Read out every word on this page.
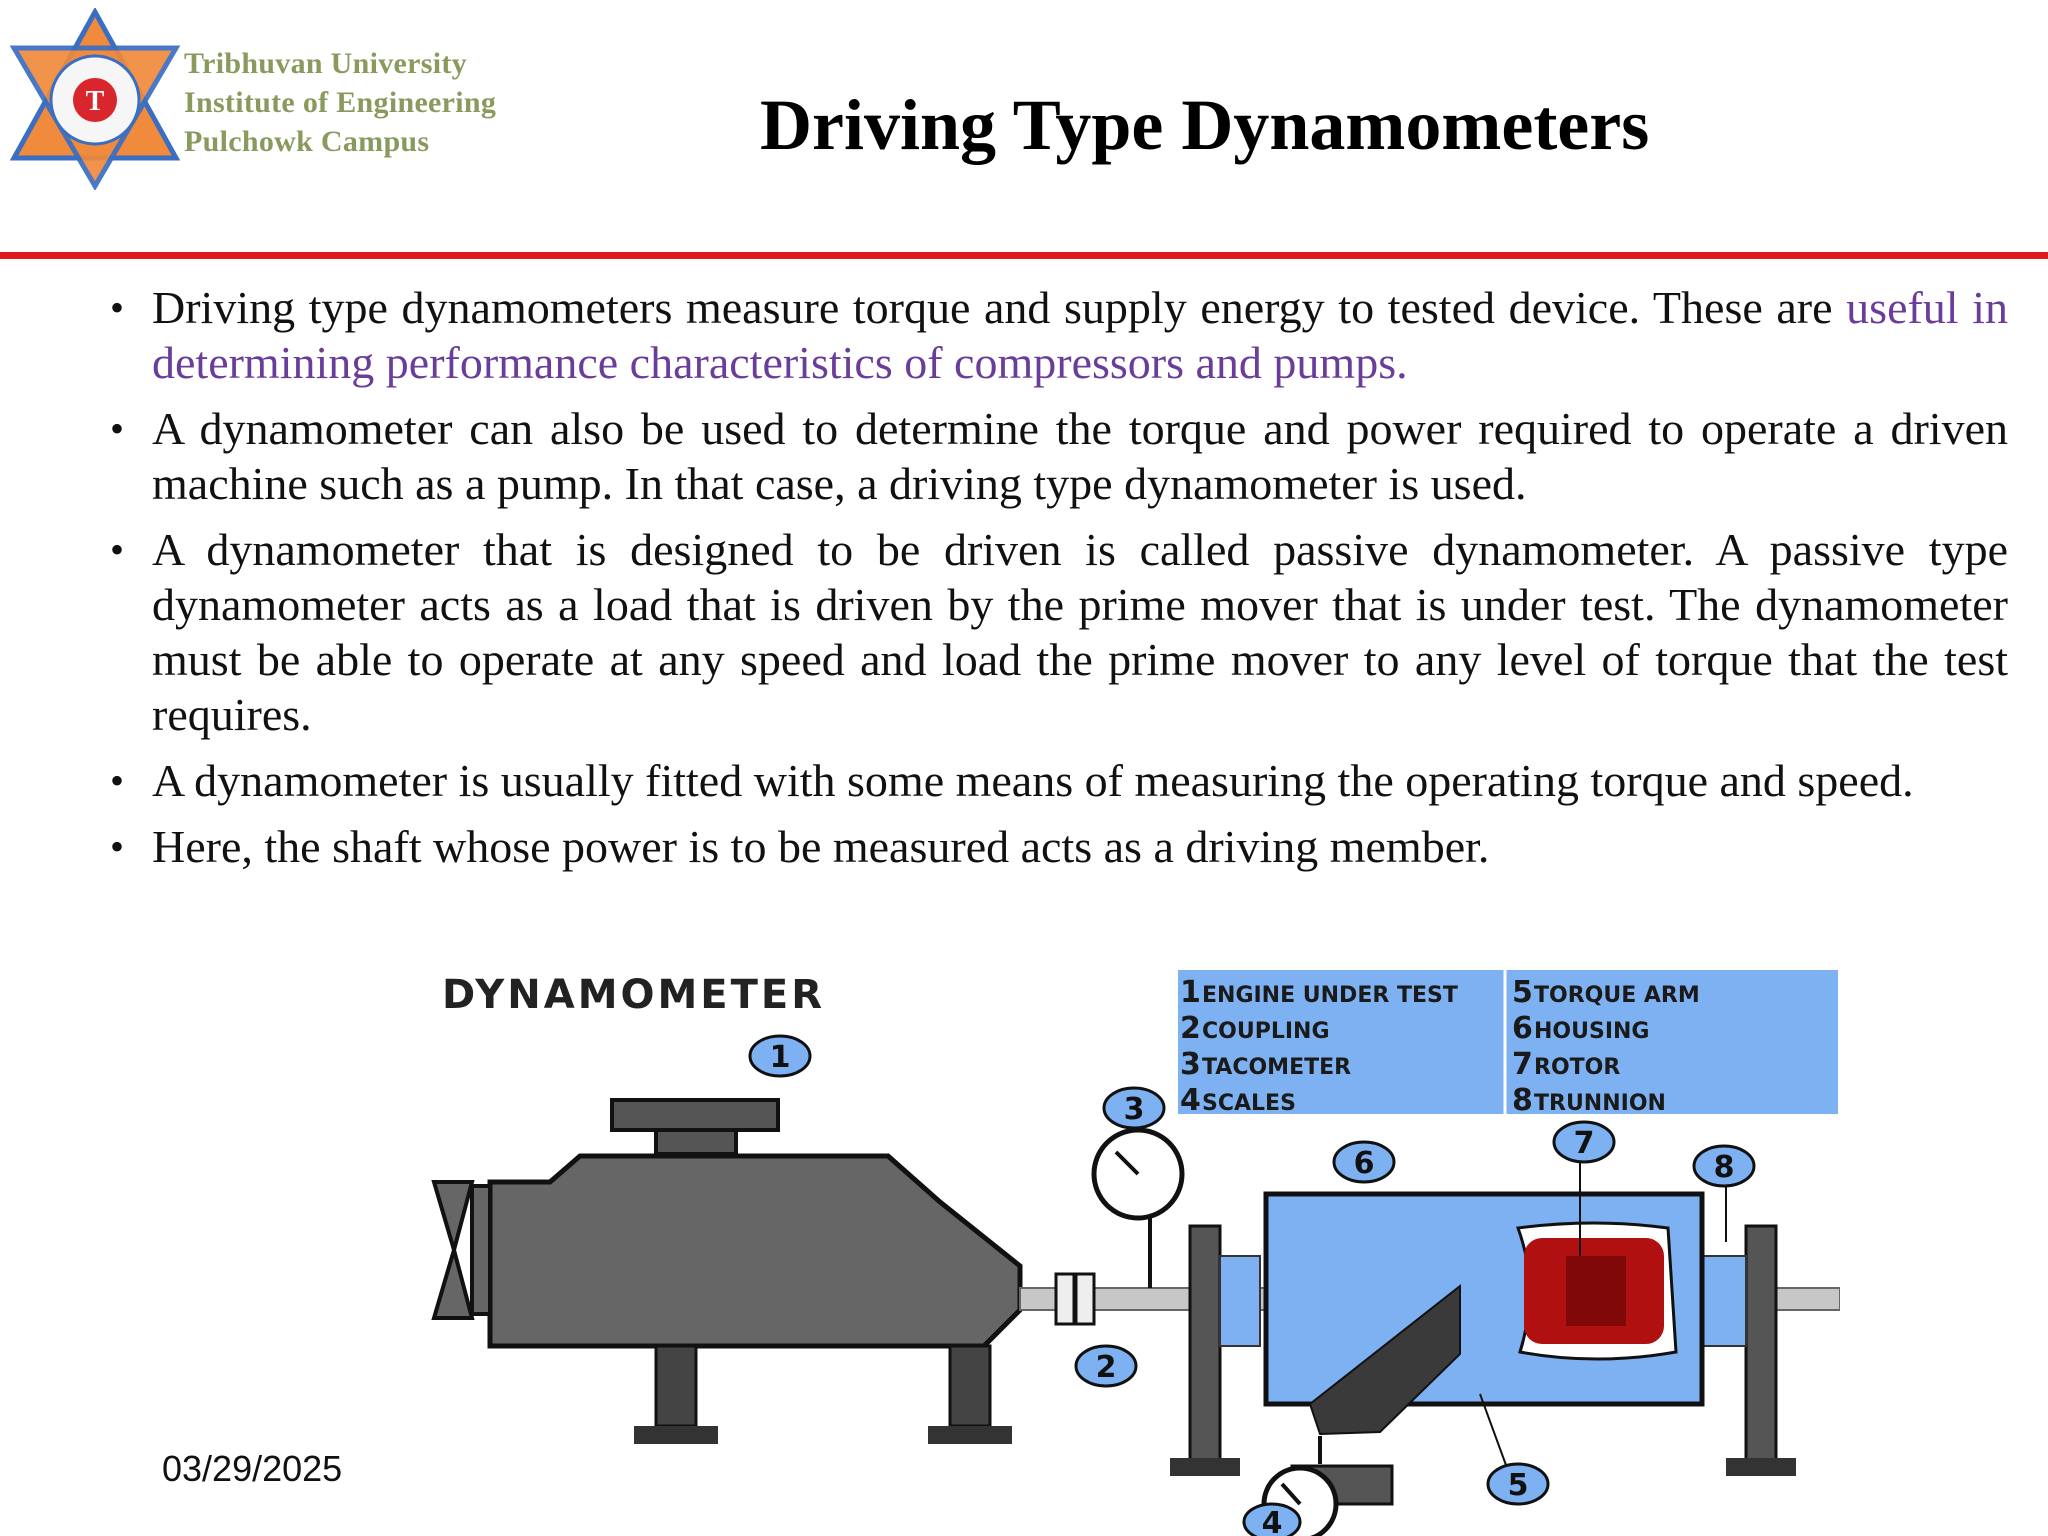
T
Tribhuvan University
Institute of Engineering
Pulchowk Campus	Driving Type Dynamometers
• Driving type dynamometers measure torque and supply energy to tested device. These are useful in determining performance characteristics of compressors and pumps.
• A dynamometer can also be used to determine the torque and power required to operate a driven machine such as a pump. In that case, a driving type dynamometer is used.
• A dynamometer that is designed to be driven is called passive dynamometer. A passive type dynamometer acts as a load that is driven by the prime mover that is under test. The dynamometer must be able to operate at any speed and load the prime mover to any level of torque that the test requires.
• A dynamometer is usually fitted with some means of measuring the operating torque and speed.
• Here, the shaft whose power is to be measured acts as a driving member.
DYNAMOMETER	1 ENGINE UNDER TEST
2 COUPLING
3 TACOMETER
4 SCALES
5 TORQUE ARM
6 HOUSING
7 ROTOR
8 TRUNNION
1
2
3
4
5
6
7
8
03/29/2025
